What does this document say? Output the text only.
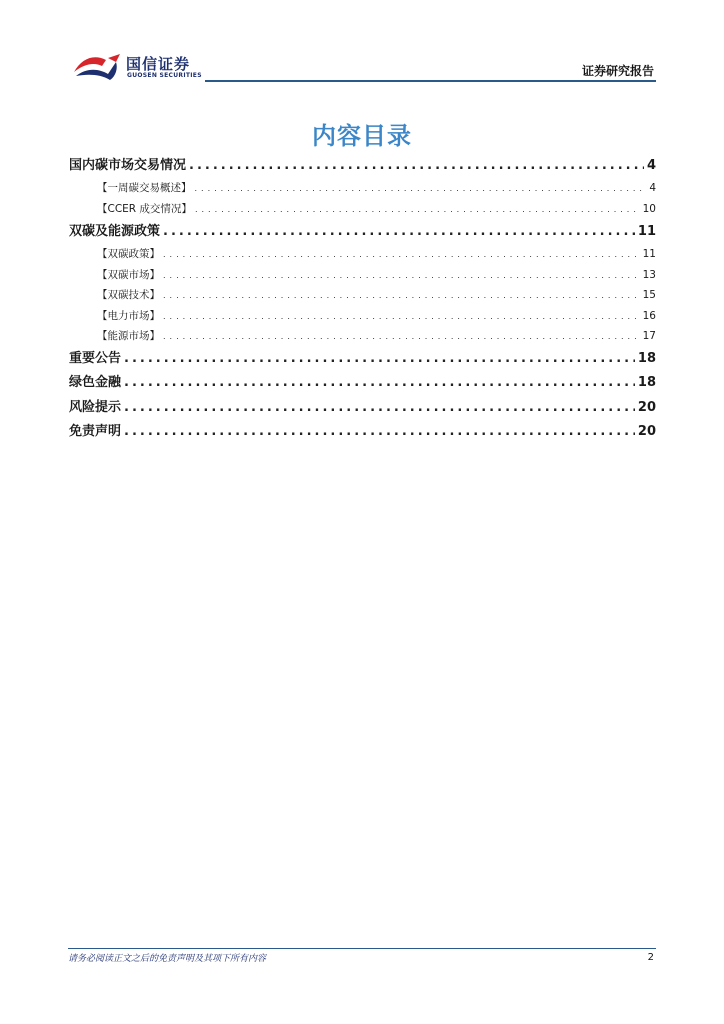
国信证券
GUOSEN SECURITIES	证券研究报告
内容目录
国内碳市场交易情况 .....	4
【一周碳交易概述】 .....	4
【CCER 成交情况】 .....	10
双碳及能源政策 .....	11
【双碳政策】 .....	11
【双碳市场】 .....	13
【双碳技术】 .....	15
【电力市场】 .....	16
【能源市场】 .....	17
重要公告 .....	18
绿色金融 .....	18
风险提示 .....	20
免责声明 .....	20
请务必阅读正文之后的免责声明及其项下所有内容	2
